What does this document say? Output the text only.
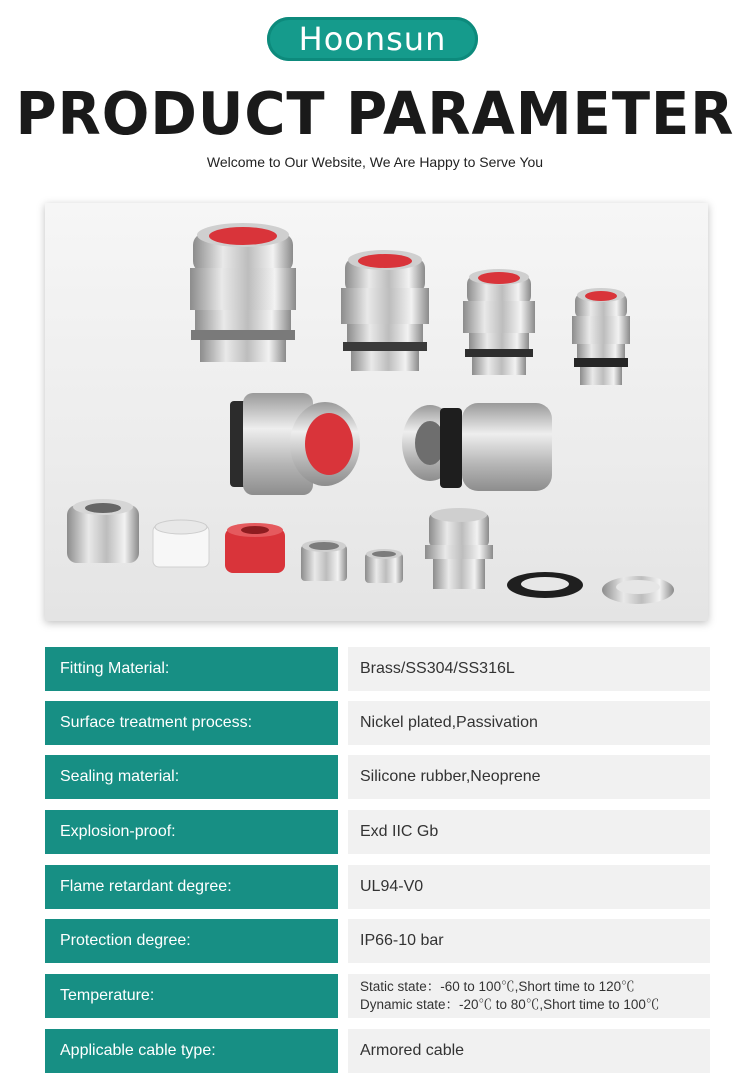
Hoonsun
PRODUCT PARAMETER
Welcome to Our Website, We Are Happy to Serve You
Fitting Material:	Brass/SS304/SS316L
Surface treatment process:	Nickel plated,Passivation
Sealing material:	Silicone rubber,Neoprene
Explosion-proof:	Exd IIC Gb
Flame retardant degree:	UL94-V0
Protection degree:	IP66-10 bar
Temperature:
Static state：-60 to 100℃,Short time to 120℃
Dynamic state：-20℃ to 80℃,Short time to 100℃
Applicable cable type:	Armored cable
